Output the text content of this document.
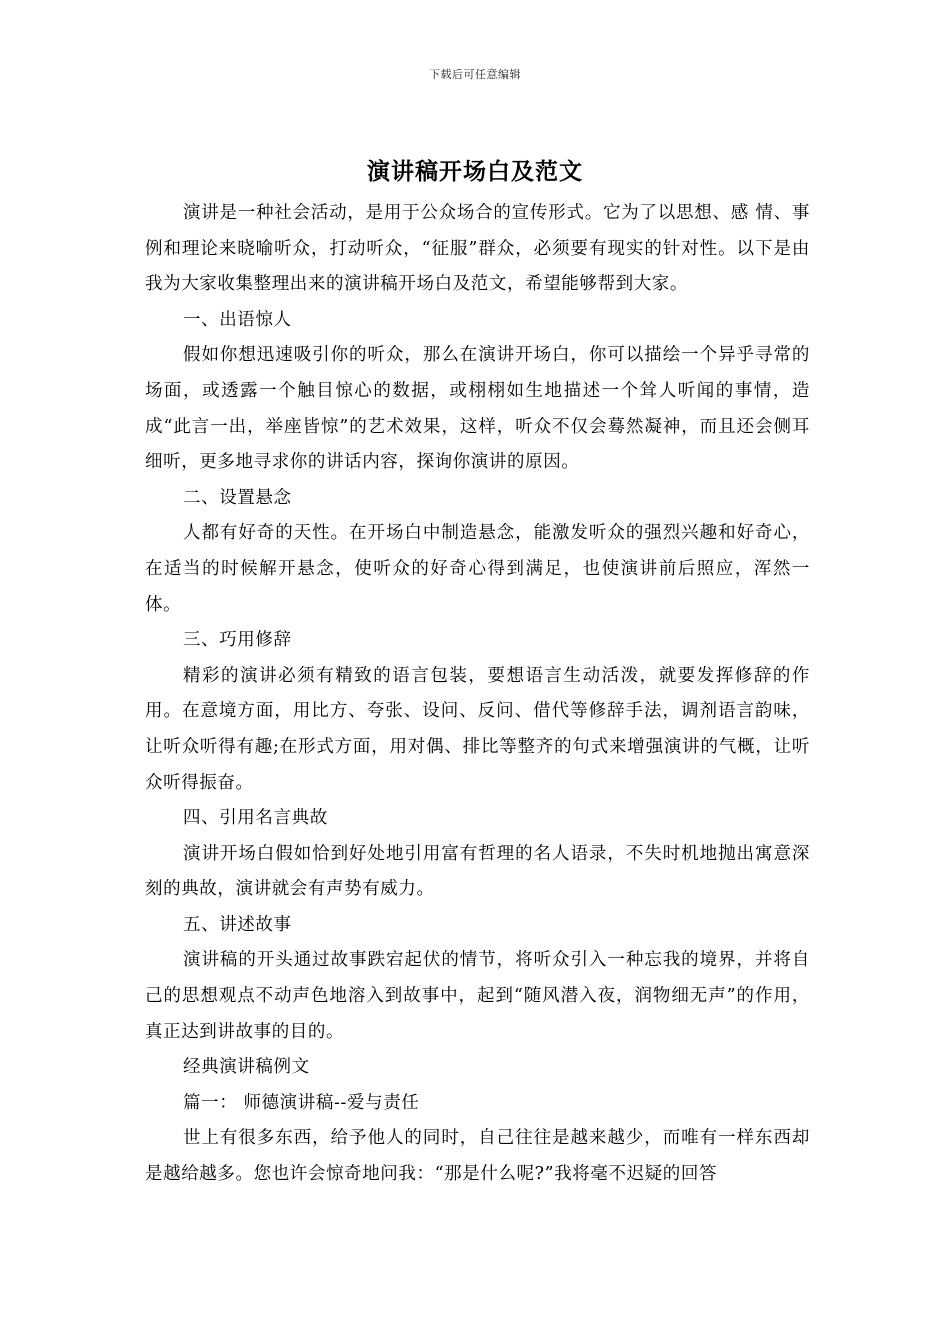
下载后可任意编辑
演讲稿开场白及范文

演讲是一种社会活动，是用于公众场合的宣传形式。它为了以思想、感 情、事例和理论来晓喻听众，打动听众，“征服”群众，必须要有现实的针对性。以下是由我为大家收集整理出来的演讲稿开场白及范文，希望能够帮到大家。

一、出语惊人

假如你想迅速吸引你的听众，那么在演讲开场白，你可以描绘一个异乎寻常的场面，或透露一个触目惊心的数据，或栩栩如生地描述一个耸人听闻的事情，造成“此言一出，举座皆惊”的艺术效果，这样，听众不仅会蓦然凝神，而且还会侧耳细听，更多地寻求你的讲话内容，探询你演讲的原因。

二、设置悬念

人都有好奇的天性。在开场白中制造悬念，能激发听众的强烈兴趣和好奇心，在适当的时候解开悬念，使听众的好奇心得到满足，也使演讲前后照应，浑然一体。

三、巧用修辞

精彩的演讲必须有精致的语言包装，要想语言生动活泼，就要发挥修辞的作用。在意境方面，用比方、夸张、设问、反问、借代等修辞手法，调剂语言韵味，让听众听得有趣;在形式方面，用对偶、排比等整齐的句式来增强演讲的气概，让听众听得振奋。

四、引用名言典故

演讲开场白假如恰到好处地引用富有哲理的名人语录，不失时机地抛出寓意深刻的典故，演讲就会有声势有威力。

五、讲述故事

演讲稿的开头通过故事跌宕起伏的情节，将听众引入一种忘我的境界，并将自己的思想观点不动声色地溶入到故事中，起到“随风潜入夜，润物细无声”的作用，真正达到讲故事的目的。

经典演讲稿例文

篇一： 师德演讲稿--爱与责任

世上有很多东西，给予他人的同时，自己往往是越来越少，而唯有一样东西却是越给越多。您也许会惊奇地问我：“那是什么呢?”我将毫不迟疑的回答
